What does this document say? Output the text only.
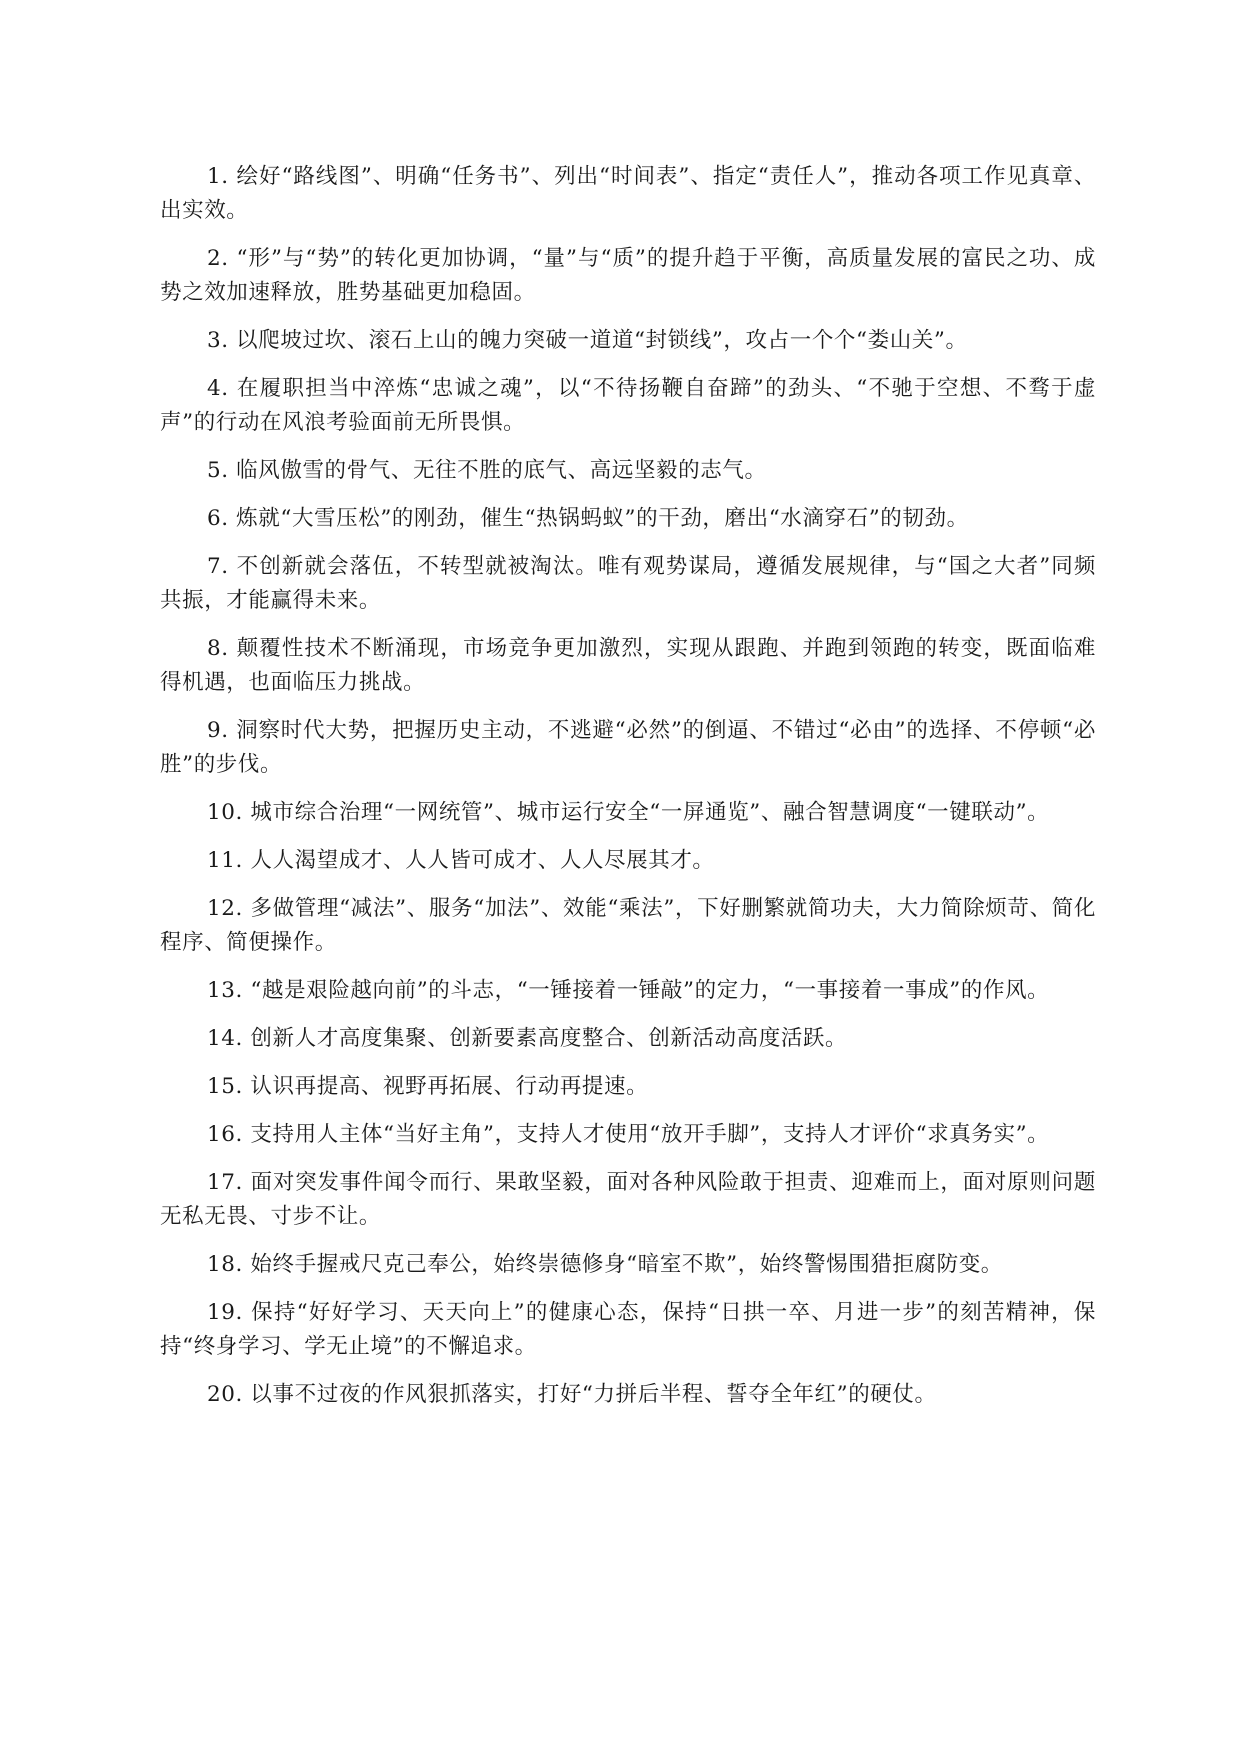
1. 绘好“路线图”、明确“任务书”、列出“时间表”、指定“责任人”，推动各项工作见真章、出实效。

2. “形”与“势”的转化更加协调，“量”与“质”的提升趋于平衡，高质量发展的富民之功、成势之效加速释放，胜势基础更加稳固。

3. 以爬坡过坎、滚石上山的魄力突破一道道“封锁线”，攻占一个个“娄山关”。

4. 在履职担当中淬炼“忠诚之魂”，以“不待扬鞭自奋蹄”的劲头、“不驰于空想、不骛于虚声”的行动在风浪考验面前无所畏惧。

5. 临风傲雪的骨气、无往不胜的底气、高远坚毅的志气。

6. 炼就“大雪压松”的刚劲，催生“热锅蚂蚁”的干劲，磨出“水滴穿石”的韧劲。

7. 不创新就会落伍，不转型就被淘汰。唯有观势谋局，遵循发展规律，与“国之大者”同频共振，才能赢得未来。

8. 颠覆性技术不断涌现，市场竞争更加激烈，实现从跟跑、并跑到领跑的转变，既面临难得机遇，也面临压力挑战。

9. 洞察时代大势，把握历史主动，不逃避“必然”的倒逼、不错过“必由”的选择、不停顿“必胜”的步伐。

10. 城市综合治理“一网统管”、城市运行安全“一屏通览”、融合智慧调度“一键联动”。

11. 人人渴望成才、人人皆可成才、人人尽展其才。

12. 多做管理“减法”、服务“加法”、效能“乘法”，下好删繁就简功夫，大力简除烦苛、简化程序、简便操作。

13. “越是艰险越向前”的斗志，“一锤接着一锤敲”的定力，“一事接着一事成”的作风。

14. 创新人才高度集聚、创新要素高度整合、创新活动高度活跃。

15. 认识再提高、视野再拓展、行动再提速。

16. 支持用人主体“当好主角”，支持人才使用“放开手脚”，支持人才评价“求真务实”。

17. 面对突发事件闻令而行、果敢坚毅，面对各种风险敢于担责、迎难而上，面对原则问题无私无畏、寸步不让。

18. 始终手握戒尺克己奉公，始终崇德修身“暗室不欺”，始终警惕围猎拒腐防变。

19. 保持“好好学习、天天向上”的健康心态，保持“日拱一卒、月进一步”的刻苦精神，保持“终身学习、学无止境”的不懈追求。

20. 以事不过夜的作风狠抓落实，打好“力拼后半程、誓夺全年红”的硬仗。
